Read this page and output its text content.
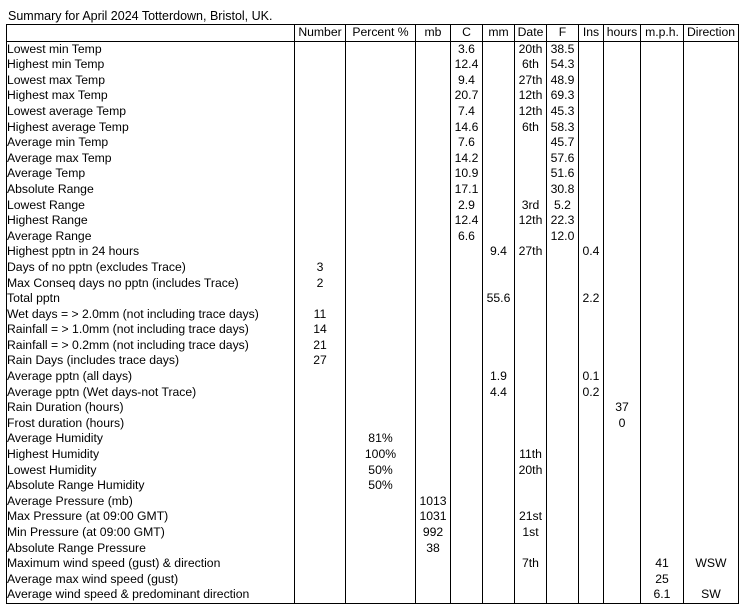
Summary for April 2024 Totterdown, Bristol, UK.
	Number	Percent %	mb	C	mm	Date	F	Ins	hours	m.p.h.	Direction
Lowest min Temp				3.6		20th	38.5				
Highest min Temp				12.4		6th	54.3				
Lowest max Temp				9.4		27th	48.9				
Highest max Temp				20.7		12th	69.3				
Lowest average Temp				7.4		12th	45.3				
Highest average Temp				14.6		6th	58.3				
Average min Temp				7.6			45.7				
Average max Temp				14.2			57.6				
Average Temp				10.9			51.6				
Absolute Range				17.1			30.8				
Lowest Range				2.9		3rd	5.2				
Highest Range				12.4		12th	22.3				
Average Range				6.6			12.0				
Highest pptn in 24 hours					9.4	27th		0.4			
Days of no pptn (excludes Trace)	3										
Max Conseq days no pptn (includes Trace)	2										
Total pptn					55.6			2.2			
Wet days = > 2.0mm (not including trace days)	11										
Rainfall = > 1.0mm (not including trace days)	14										
Rainfall = > 0.2mm (not including trace days)	21										
Rain Days (includes trace days)	27										
Average pptn (all days)					1.9			0.1			
Average pptn (Wet days-not Trace)					4.4			0.2			
Rain Duration (hours)									37		
Frost duration (hours)									0		
Average Humidity		81%									
Highest Humidity		100%				11th					
Lowest Humidity		50%				20th					
Absolute Range Humidity		50%									
Average Pressure (mb)			1013								
Max Pressure (at 09:00 GMT)			1031			21st					
Min Pressure (at 09:00 GMT)			992			1st					
Absolute Range Pressure			38								
Maximum wind speed (gust) & direction						7th				41	WSW
Average max wind speed (gust)										25	
Average wind speed & predominant direction										6.1	SW
